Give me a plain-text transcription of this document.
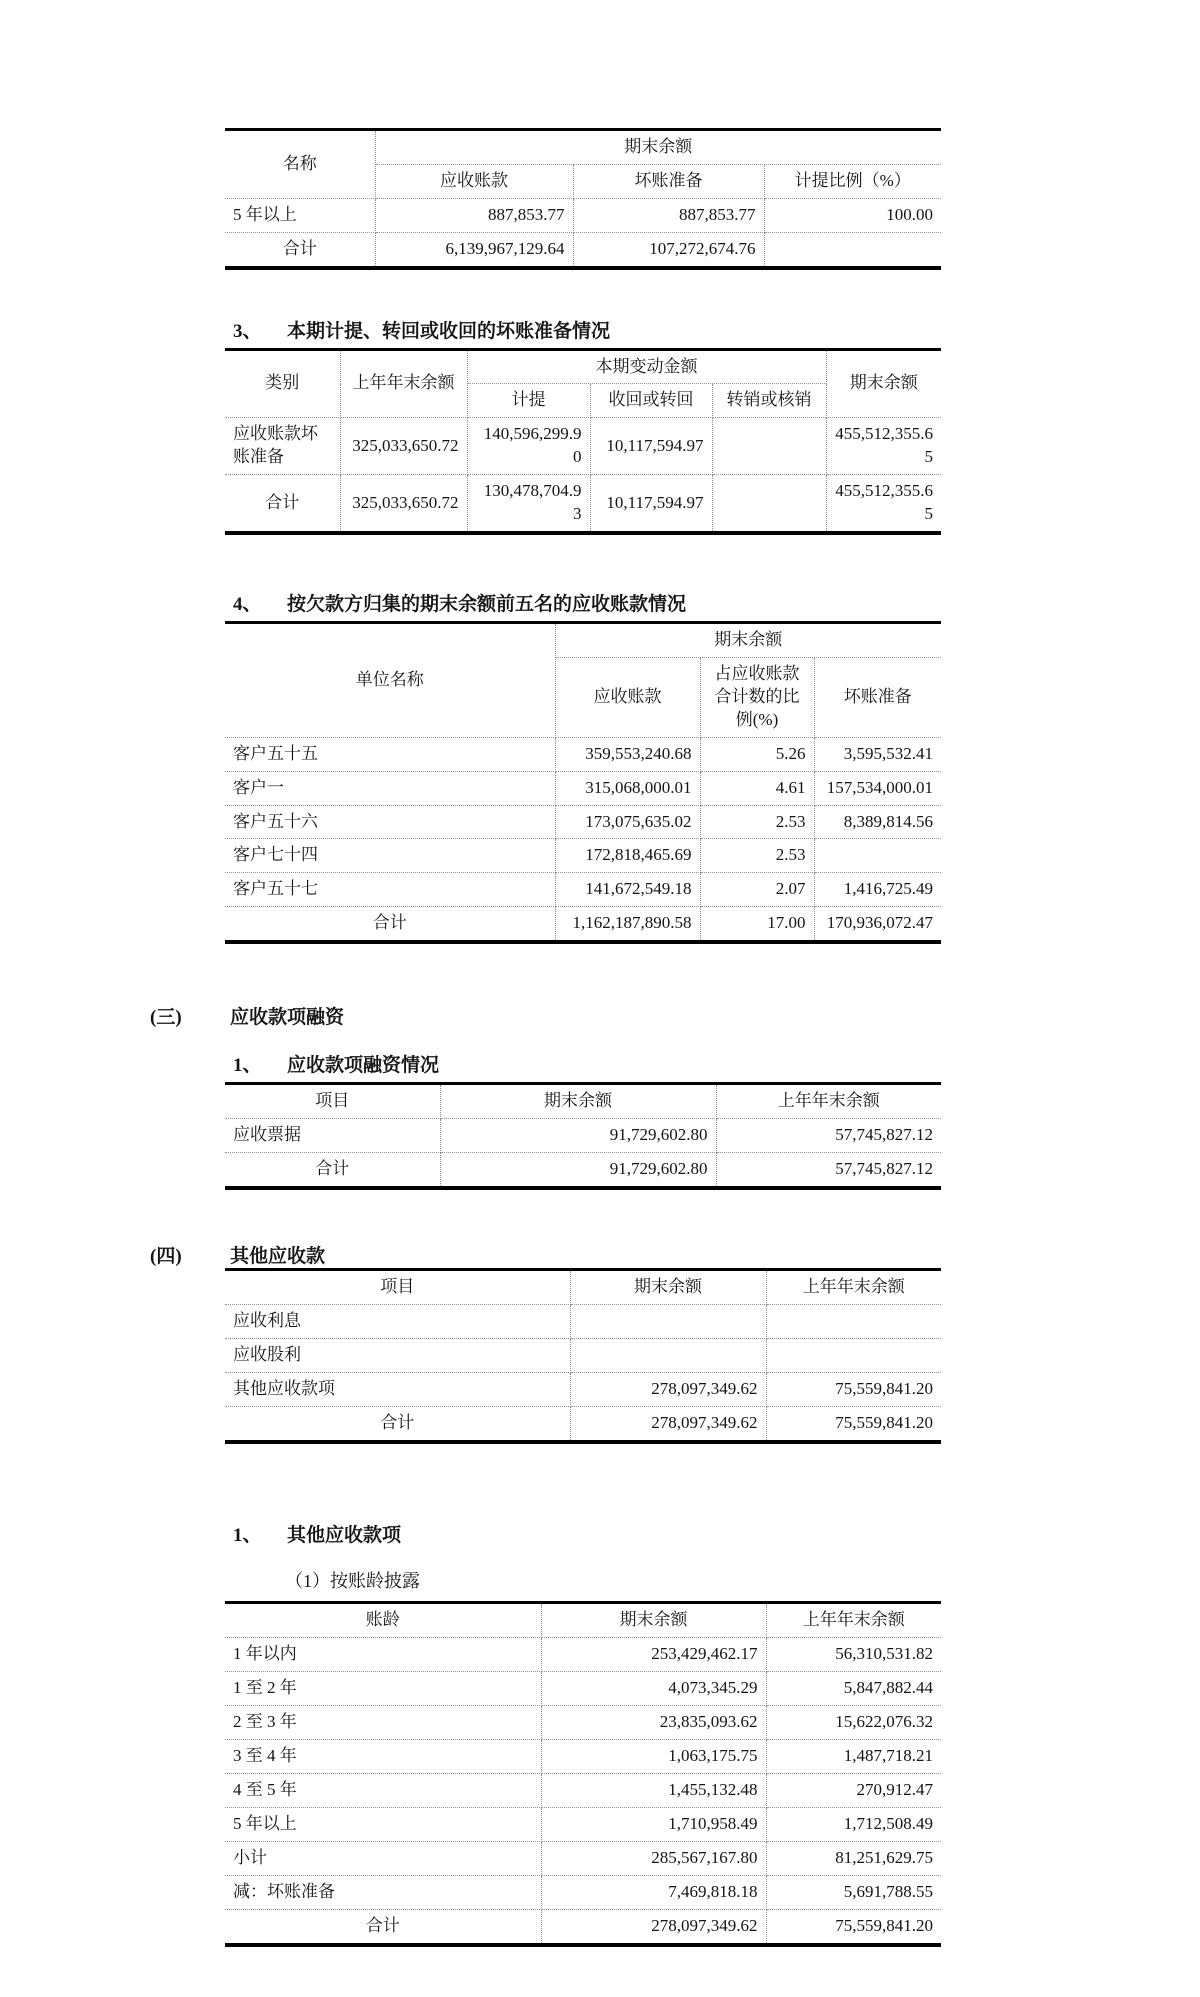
名称	期末余额		
	应收账款	坏账准备	计提比例（%）
5 年以上	887,853.77	887,853.77	100.00
合计	6,139,967,129.64	107,272,674.76	
3、	本期计提、转回或收回的坏账准备情况
类别	上年年末余额	本期变动金额			期末余额
		计提	收回或转回	转销或核销	
应收账款坏账准备	325,033,650.72	140,596,299.90	10,117,594.97		455,512,355.65
合计	325,033,650.72	130,478,704.93	10,117,594.97		455,512,355.65
4、	按欠款方归集的期末余额前五名的应收账款情况
单位名称	期末余额		
	应收账款	占应收账款合计数的比例(%)	坏账准备
客户五十五	359,553,240.68	5.26	3,595,532.41
客户一	315,068,000.01	4.61	157,534,000.01
客户五十六	173,075,635.02	2.53	8,389,814.56
客户七十四	172,818,465.69	2.53	
客户五十七	141,672,549.18	2.07	1,416,725.49
合计	1,162,187,890.58	17.00	170,936,072.47
(三)	应收款项融资
1、	应收款项融资情况
项目	期末余额	上年年末余额
应收票据	91,729,602.80	57,745,827.12
合计	91,729,602.80	57,745,827.12
(四)	其他应收款
项目	期末余额	上年年末余额
应收利息		
应收股利		
其他应收款项	278,097,349.62	75,559,841.20
合计	278,097,349.62	75,559,841.20
1、	其他应收款项
（1）按账龄披露
账龄	期末余额	上年年末余额
1 年以内	253,429,462.17	56,310,531.82
1 至 2 年	4,073,345.29	5,847,882.44
2 至 3 年	23,835,093.62	15,622,076.32
3 至 4 年	1,063,175.75	1,487,718.21
4 至 5 年	1,455,132.48	270,912.47
5 年以上	1,710,958.49	1,712,508.49
小计	285,567,167.80	81,251,629.75
减：坏账准备	7,469,818.18	5,691,788.55
合计	278,097,349.62	75,559,841.20
